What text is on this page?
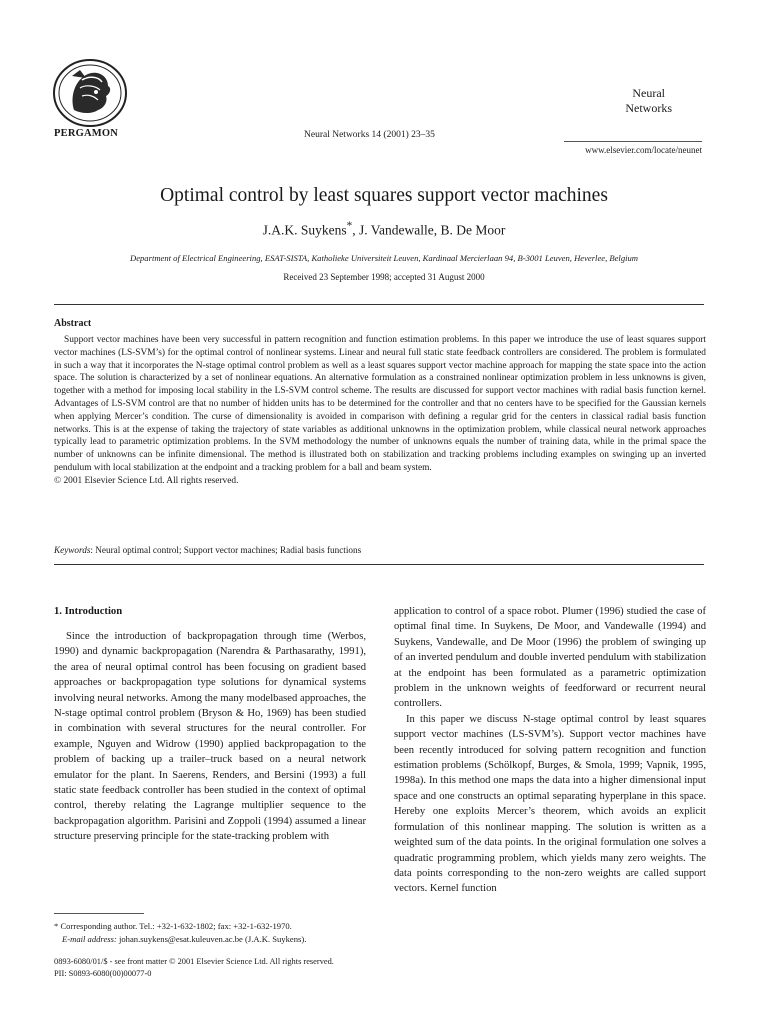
PERGAMON	Neural Networks 14 (2001) 23–35
Neural
Networks
www.elsevier.com/locate/neunet
Optimal control by least squares support vector machines
J.A.K. Suykens*, J. Vandewalle, B. De Moor
Department of Electrical Engineering, ESAT-SISTA, Katholieke Universiteit Leuven, Kardinaal Mercierlaan 94, B-3001 Leuven, Heverlee, Belgium
Received 23 September 1998; accepted 31 August 2000
Abstract
Support vector machines have been very successful in pattern recognition and function estimation problems. In this paper we introduce the use of least squares support vector machines (LS-SVM’s) for the optimal control of nonlinear systems. Linear and neural full static state feedback controllers are considered. The problem is formulated in such a way that it incorporates the N-stage optimal control problem as well as a least squares support vector machine approach for mapping the state space into the action space. The solution is characterized by a set of nonlinear equations. An alternative formulation as a constrained nonlinear optimization problem in less unknowns is given, together with a method for imposing local stability in the LS-SVM control scheme. The results are discussed for support vector machines with radial basis function kernel. Advantages of LS-SVM control are that no number of hidden units has to be determined for the controller and that no centers have to be specified for the Gaussian kernels when applying Mercer’s condition. The curse of dimensionality is avoided in comparison with defining a regular grid for the centers in classical radial basis function networks. This is at the expense of taking the trajectory of state variables as additional unknowns in the optimization problem, while classical neural network approaches typically lead to parametric optimization problems. In the SVM methodology the number of unknowns equals the number of training data, while in the primal space the number of unknowns can be infinite dimensional. The method is illustrated both on stabilization and tracking problems including examples on swinging up an inverted pendulum with local stabilization at the endpoint and a tracking problem for a ball and beam system.
© 2001 Elsevier Science Ltd. All rights reserved.
Keywords: Neural optimal control; Support vector machines; Radial basis functions
1. Introduction

Since the introduction of backpropagation through time (Werbos, 1990) and dynamic backpropagation (Narendra & Parthasarathy, 1991), the area of neural optimal control has been focusing on gradient based approaches or backpropagation type solutions for dynamical systems involving neural networks. Among the many modelbased approaches, the N-stage optimal control problem (Bryson & Ho, 1969) has been studied in combination with several structures for the neural controller. For example, Nguyen and Widrow (1990) applied backpropagation to the problem of backing up a trailer–truck based on a neural network emulator for the plant. In Saerens, Renders, and Bersini (1993) a full static state feedback controller has been studied in the context of optimal control, thereby relating the Lagrange multiplier sequence to the backpropagation algorithm. Parisini and Zoppoli (1994) assumed a linear structure preserving principle for the state-tracking problem with

application to control of a space robot. Plumer (1996) studied the case of optimal final time. In Suykens, De Moor, and Vandewalle (1994) and Suykens, Vandewalle, and De Moor (1996) the problem of swinging up of an inverted pendulum and double inverted pendulum with stabilization at the endpoint has been formulated as a parametric optimization problem in the unknown weights of feedforward or recurrent neural controllers.

In this paper we discuss N-stage optimal control by least squares support vector machines (LS-SVM’s). Support vector machines have been recently introduced for solving pattern recognition and function estimation problems (Schölkopf, Burges, & Smola, 1999; Vapnik, 1995, 1998a). In this method one maps the data into a higher dimensional input space and one constructs an optimal separating hyperplane in this space. Hereby one exploits Mercer’s theorem, which avoids an explicit formulation of this nonlinear mapping. The solution is written as a weighted sum of the data points. In the original formulation one solves a quadratic programming problem, which yields many zero weights. The data points corresponding to the non-zero weights are called support vectors. Kernel function

* Corresponding author. Tel.: +32-1-632-1802; fax: +32-1-632-1970.
E-mail address: johan.suykens@esat.kuleuven.ac.be (J.A.K. Suykens).
0893-6080/01/$ - see front matter © 2001 Elsevier Science Ltd. All rights reserved.
PII: S0893-6080(00)00077-0
